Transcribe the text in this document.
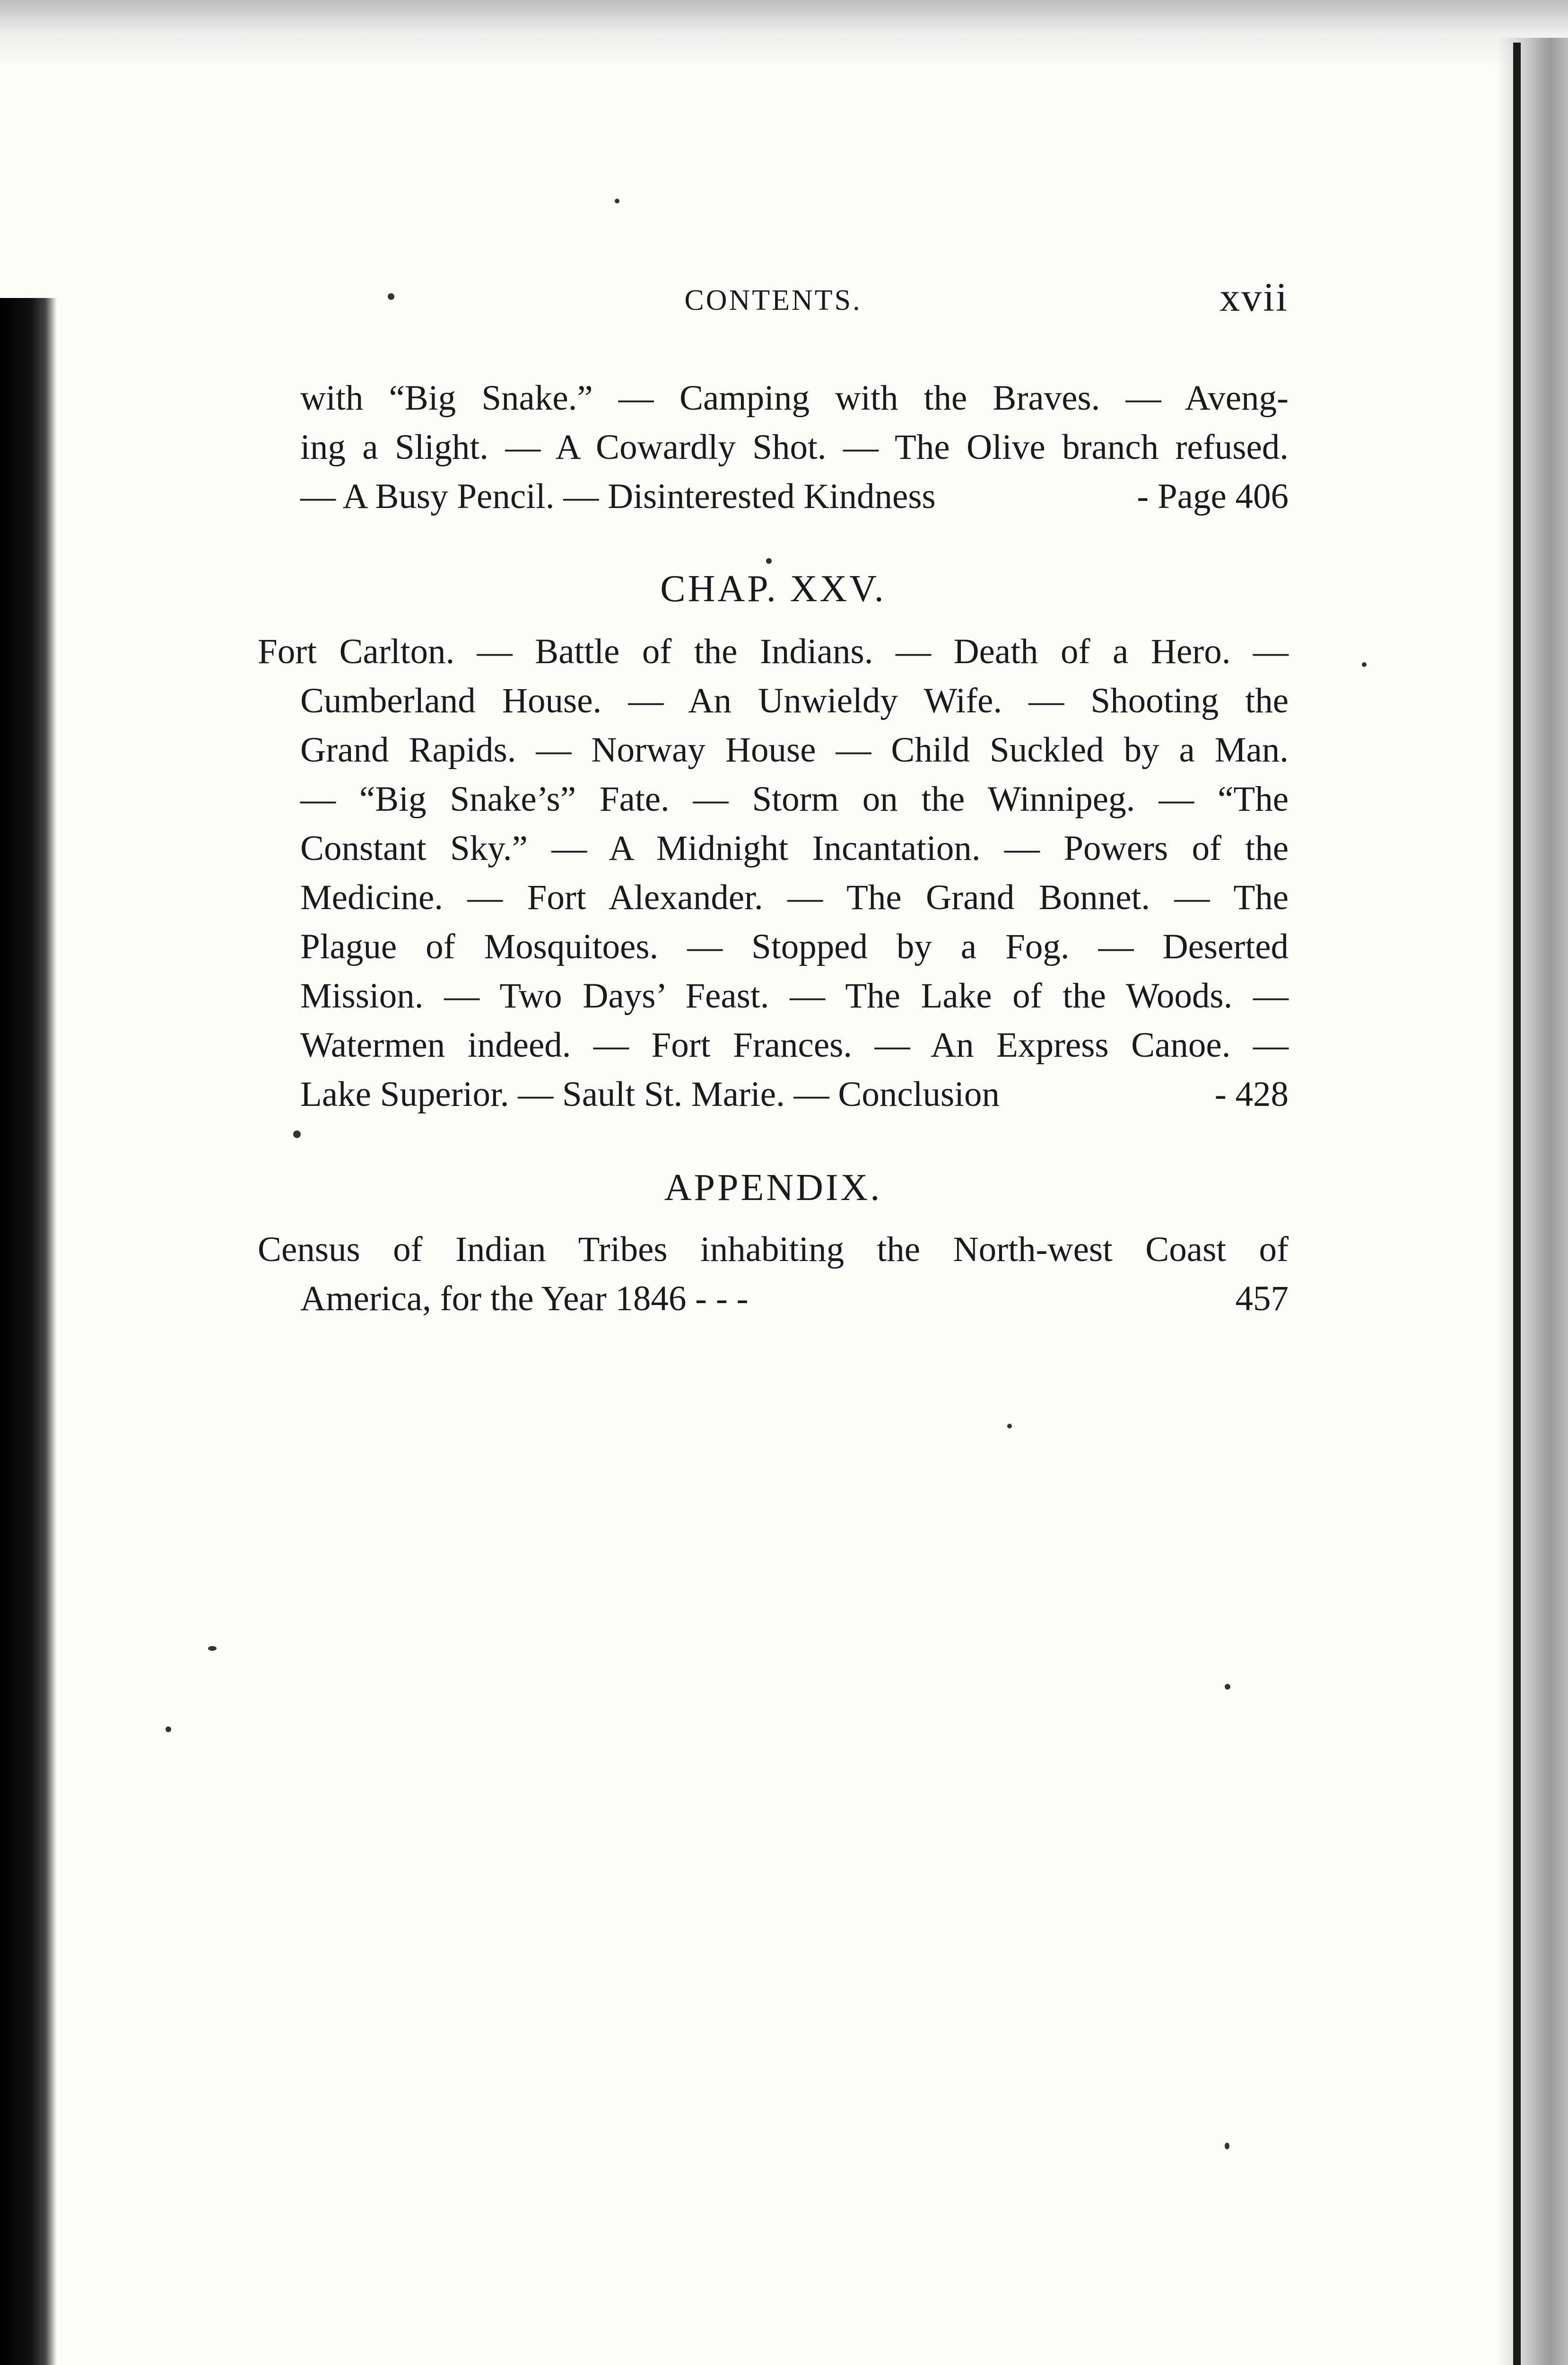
CONTENTS.	xvii
with “Big Snake.” — Camping with the Braves. — Aveng-
ing a Slight. — A Cowardly Shot. — The Olive branch refused.
— A Busy Pencil. — Disinterested Kindness	- Page 406
CHAP. XXV.
Fort Carlton. — Battle of the Indians. — Death of a Hero. —
Cumberland House. — An Unwieldy Wife. — Shooting the
Grand Rapids. — Norway House — Child Suckled by a Man.
— “Big Snake’s” Fate. — Storm on the Winnipeg. — “The
Constant Sky.” — A Midnight Incantation. — Powers of the
Medicine. — Fort Alexander. — The Grand Bonnet. — The
Plague of Mosquitoes. — Stopped by a Fog. — Deserted
Mission. — Two Days’ Feast. — The Lake of the Woods. —
Watermen indeed. — Fort Frances. — An Express Canoe. —
Lake Superior. — Sault St. Marie. — Conclusion	- 428
APPENDIX.
Census of Indian Tribes inhabiting the North-west Coast of
America, for the Year 1846 - - -	457
